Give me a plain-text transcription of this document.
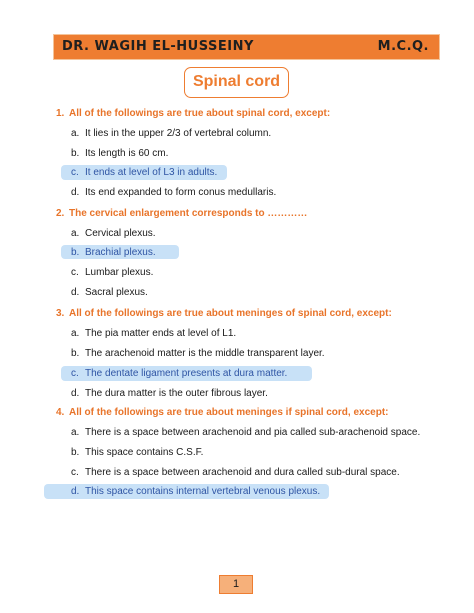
DR. WAGIH EL-HUSSEINY	M.C.Q.
Spinal cord
1. All of the followings are true about spinal cord, except:
a. It lies in the upper 2/3 of vertebral column.
b. Its length is 60 cm.
c. It ends at level of L3 in adults.
d. Its end expanded to form conus medullaris.
2. The cervical enlargement corresponds to …………
a. Cervical plexus.
b. Brachial plexus.
c. Lumbar plexus.
d. Sacral plexus.
3. All of the followings are true about meninges of spinal cord, except:
a. The pia matter ends at level of L1.
b. The arachenoid matter is the middle transparent layer.
c. The dentate ligament presents at dura matter.
d. The dura matter is the outer fibrous layer.
4. All of the followings are true about meninges if spinal cord, except:
a. There is a space between arachenoid and pia called sub-arachenoid space.
b. This space contains C.S.F.
c. There is a space between arachenoid and dura called sub-dural space.
d. This space contains internal vertebral venous plexus.
1
